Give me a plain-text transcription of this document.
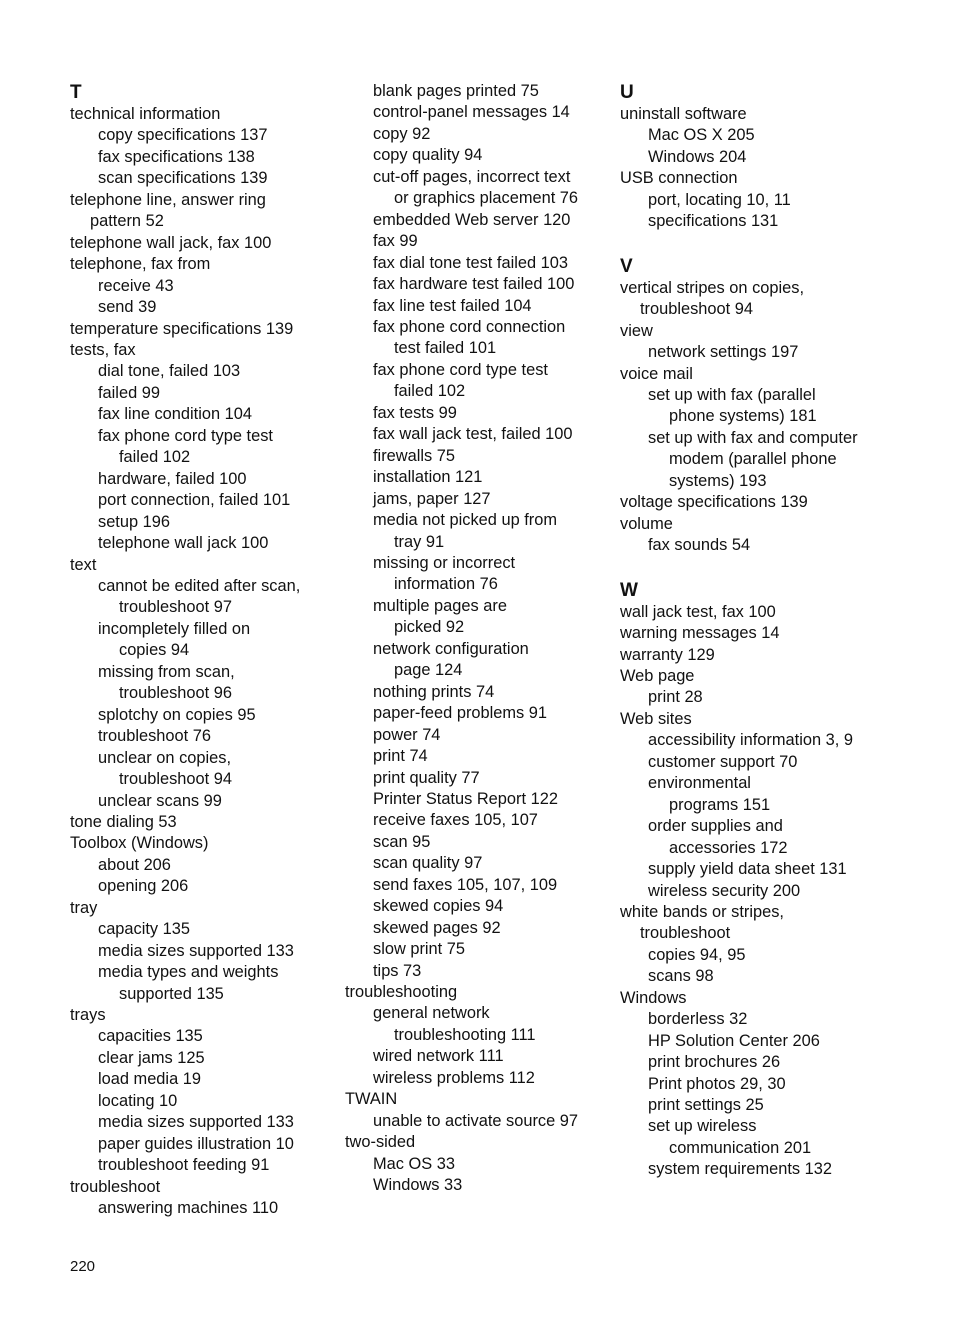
T
technical information
copy specifications 137
fax specifications 138
scan specifications 139
telephone line, answer ring
pattern 52
telephone wall jack, fax 100
telephone, fax from
receive 43
send 39
temperature specifications 139
tests, fax
dial tone, failed 103
failed 99
fax line condition 104
fax phone cord type test
failed 102
hardware, failed 100
port connection, failed 101
setup 196
telephone wall jack 100
text
cannot be edited after scan,
troubleshoot 97
incompletely filled on
copies 94
missing from scan,
troubleshoot 96
splotchy on copies 95
troubleshoot 76
unclear on copies,
troubleshoot 94
unclear scans 99
tone dialing 53
Toolbox (Windows)
about 206
opening 206
tray
capacity 135
media sizes supported 133
media types and weights
supported 135
trays
capacities 135
clear jams 125
load media 19
locating 10
media sizes supported 133
paper guides illustration 10
troubleshoot feeding 91
troubleshoot
answering machines 110
blank pages printed 75
control-panel messages 14
copy 92
copy quality 94
cut-off pages, incorrect text
or graphics placement 76
embedded Web server 120
fax 99
fax dial tone test failed 103
fax hardware test failed 100
fax line test failed 104
fax phone cord connection
test failed 101
fax phone cord type test
failed 102
fax tests 99
fax wall jack test, failed 100
firewalls 75
installation 121
jams, paper 127
media not picked up from
tray 91
missing or incorrect
information 76
multiple pages are
picked 92
network configuration
page 124
nothing prints 74
paper-feed problems 91
power 74
print 74
print quality 77
Printer Status Report 122
receive faxes 105, 107
scan 95
scan quality 97
send faxes 105, 107, 109
skewed copies 94
skewed pages 92
slow print 75
tips 73
troubleshooting
general network
troubleshooting 111
wired network 111
wireless problems 112
TWAIN
unable to activate source 97
two-sided
Mac OS 33
Windows 33
U
uninstall software
Mac OS X 205
Windows 204
USB connection
port, locating 10, 11
specifications 131
V
vertical stripes on copies,
troubleshoot 94
view
network settings 197
voice mail
set up with fax (parallel
phone systems) 181
set up with fax and computer
modem (parallel phone
systems) 193
voltage specifications 139
volume
fax sounds 54
W
wall jack test, fax 100
warning messages 14
warranty 129
Web page
print 28
Web sites
accessibility information 3, 9
customer support 70
environmental
programs 151
order supplies and
accessories 172
supply yield data sheet 131
wireless security 200
white bands or stripes,
troubleshoot
copies 94, 95
scans 98
Windows
borderless 32
HP Solution Center 206
print brochures 26
Print photos 29, 30
print settings 25
set up wireless
communication 201
system requirements 132
220
